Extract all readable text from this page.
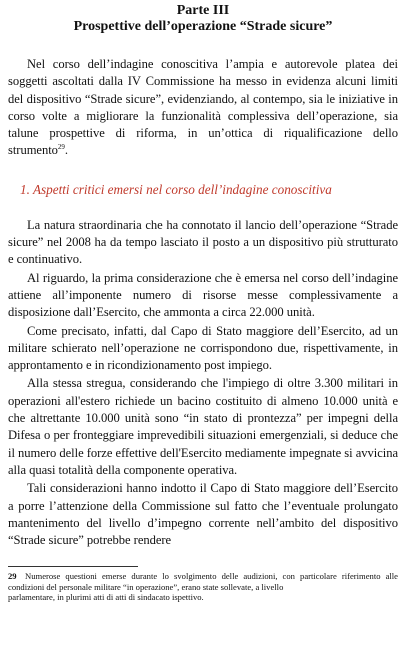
Parte III

Prospettive dell’operazione “Strade sicure”

Nel corso dell’indagine conoscitiva l’ampia e autorevole platea dei soggetti ascoltati dalla IV Commissione ha messo in evidenza alcuni limiti del dispositivo “Strade sicure”, evidenziando, al contempo, sia le iniziative in corso volte a migliorare la funzionalità complessiva dell’operazione, sia talune prospettive di riforma, in un’ottica di riqualificazione dello strumento$^{29}$.

1. Aspetti critici emersi nel corso dell’indagine conoscitiva

La natura straordinaria che ha connotato il lancio dell’operazione “Strade sicure” nel 2008 ha da tempo lasciato il posto a un dispositivo più strutturato e continuativo.

Al riguardo, la prima considerazione che è emersa nel corso dell’indagine attiene all’imponente numero di risorse messe complessivamente a disposizione dall’Esercito, che ammonta a circa 22.000 unità.

Come precisato, infatti, dal Capo di Stato maggiore dell’Esercito, ad un militare schierato nell’operazione ne corrispondono due, rispettivamente, in approntamento e in ricondizionamento post impiego.

Alla stessa stregua, considerando che l'impiego di oltre 3.300 militari in operazioni all'estero richiede un bacino costituito di almeno 10.000 unità e che altrettante 10.000 unità sono “in stato di prontezza” per impegni della Difesa o per fronteggiare imprevedibili situazioni emergenziali, si deduce che il numero delle forze effettive dell'Esercito mediamente impegnate si avvicina alla quasi totalità della componente operativa.

Tali considerazioni hanno indotto il Capo di Stato maggiore dell’Esercito a porre l’attenzione della Commissione sul fatto che l’eventuale prolungato mantenimento del livello d’impegno corrente nell’ambito del dispositivo “Strade sicure” potrebbe rendere

29 Numerose questioni emerse durante lo svolgimento delle audizioni, con particolare riferimento alle condizioni del personale militare “in operazione”, erano state sollevate, a livello

parlamentare, in plurimi atti di atti di sindacato ispettivo.
